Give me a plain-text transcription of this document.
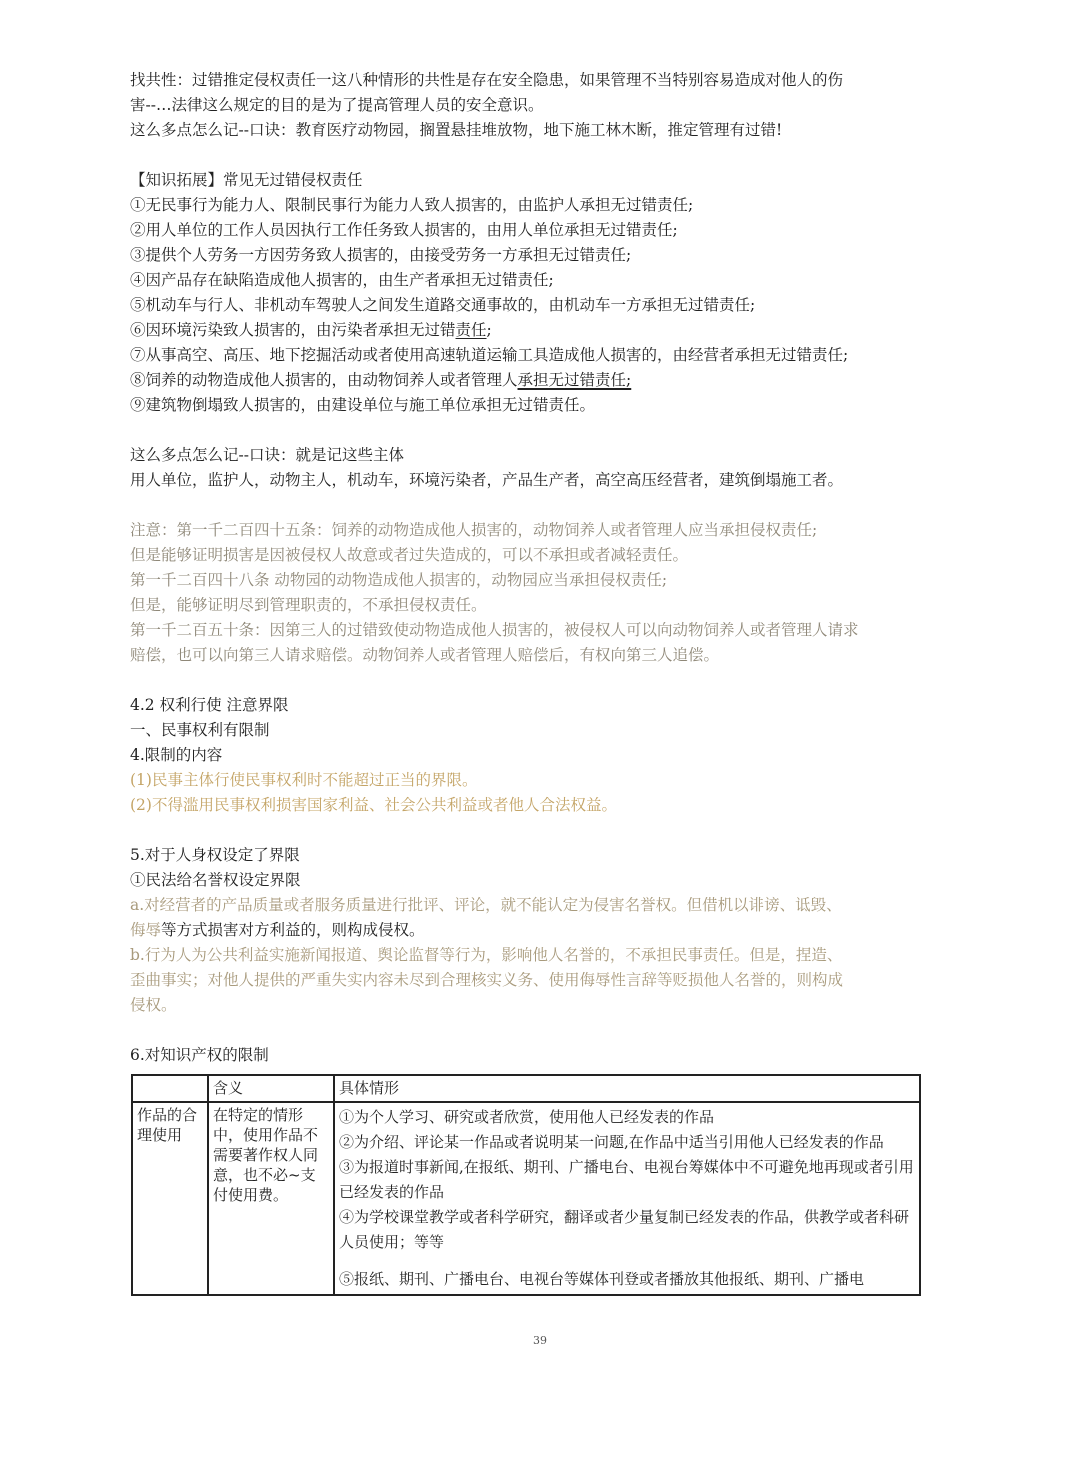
找共性：过错推定侵权责任一这八种情形的共性是存在安全隐患，如果管理不当特别容易造成对他人的伤
害--…法律这么规定的目的是为了提高管理人员的安全意识。
这么多点怎么记--口诀：教育医疗动物园，搁置悬挂堆放物，地下施工林木断，推定管理有过错!
【知识拓展】常见无过错侵权责任
①无民事行为能力人、限制民事行为能力人致人损害的，由监护人承担无过错责任;
②用人单位的工作人员因执行工作任务致人损害的，由用人单位承担无过错责任;
③提供个人劳务一方因劳务致人损害的，由接受劳务一方承担无过错责任;
④因产品存在缺陷造成他人损害的，由生产者承担无过错责任;
⑤机动车与行人、非机动车驾驶人之间发生道路交通事故的，由机动车一方承担无过错责任;
⑥因环境污染致人损害的，由污染者承担无过错责任;
⑦从事高空、高压、地下挖掘活动或者使用高速轨道运输工具造成他人损害的，由经营者承担无过错责任;
⑧饲养的动物造成他人损害的，由动物饲养人或者管理人承担无过错责任;
⑨建筑物倒塌致人损害的，由建设单位与施工单位承担无过错责任。
这么多点怎么记--口诀：就是记这些主体
用人单位，监护人，动物主人，机动车，环境污染者，产品生产者，高空高压经营者，建筑倒塌施工者。
注意：第一千二百四十五条：饲养的动物造成他人损害的，动物饲养人或者管理人应当承担侵权责任;
但是能够证明损害是因被侵权人故意或者过失造成的，可以不承担或者减轻责任。
第一千二百四十八条 动物园的动物造成他人损害的，动物园应当承担侵权责任;
但是，能够证明尽到管理职责的，不承担侵权责任。
第一千二百五十条：因第三人的过错致使动物造成他人损害的，被侵权人可以向动物饲养人或者管理人请求
赔偿，也可以向第三人请求赔偿。动物饲养人或者管理人赔偿后，有权向第三人追偿。
4.2 权利行使 注意界限
一、民事权利有限制
4.限制的内容
(1)民事主体行使民事权利时不能超过正当的界限。
(2)不得滥用民事权利损害国家利益、社会公共利益或者他人合法权益。
5.对于人身权设定了界限
①民法给名誉权设定界限
a.对经营者的产品质量或者服务质量进行批评、评论，就不能认定为侵害名誉权。但借机以诽谤、诋毁、
侮辱等方式损害对方利益的，则构成侵权。
b.行为人为公共利益实施新闻报道、舆论监督等行为，影响他人名誉的，不承担民事责任。但是，捏造、
歪曲事实；对他人提供的严重失实内容未尽到合理核实义务、使用侮辱性言辞等贬损他人名誉的，则构成
侵权。
6.对知识产权的限制
	含义	具体情形
作品的合理使用	在特定的情形中，使用作品不需要著作权人同意，也不必~支付使用费。	①为个人学习、研究或者欣赏，使用他人已经发表的作品
②为介绍、评论某一作品或者说明某一问题,在作品中适当引用他人已经发表的作品
③为报道时事新闻,在报纸、期刊、广播电台、电视台筹媒体中不可避免地再现或者引用已经发表的作品
④为学校课堂教学或者科学研究，翻译或者少量复制已经发表的作品，供教学或者科研人员使用；等等
⑤报纸、期刊、广播电台、电视台等媒体刊登或者播放其他报纸、期刊、广播电
39
